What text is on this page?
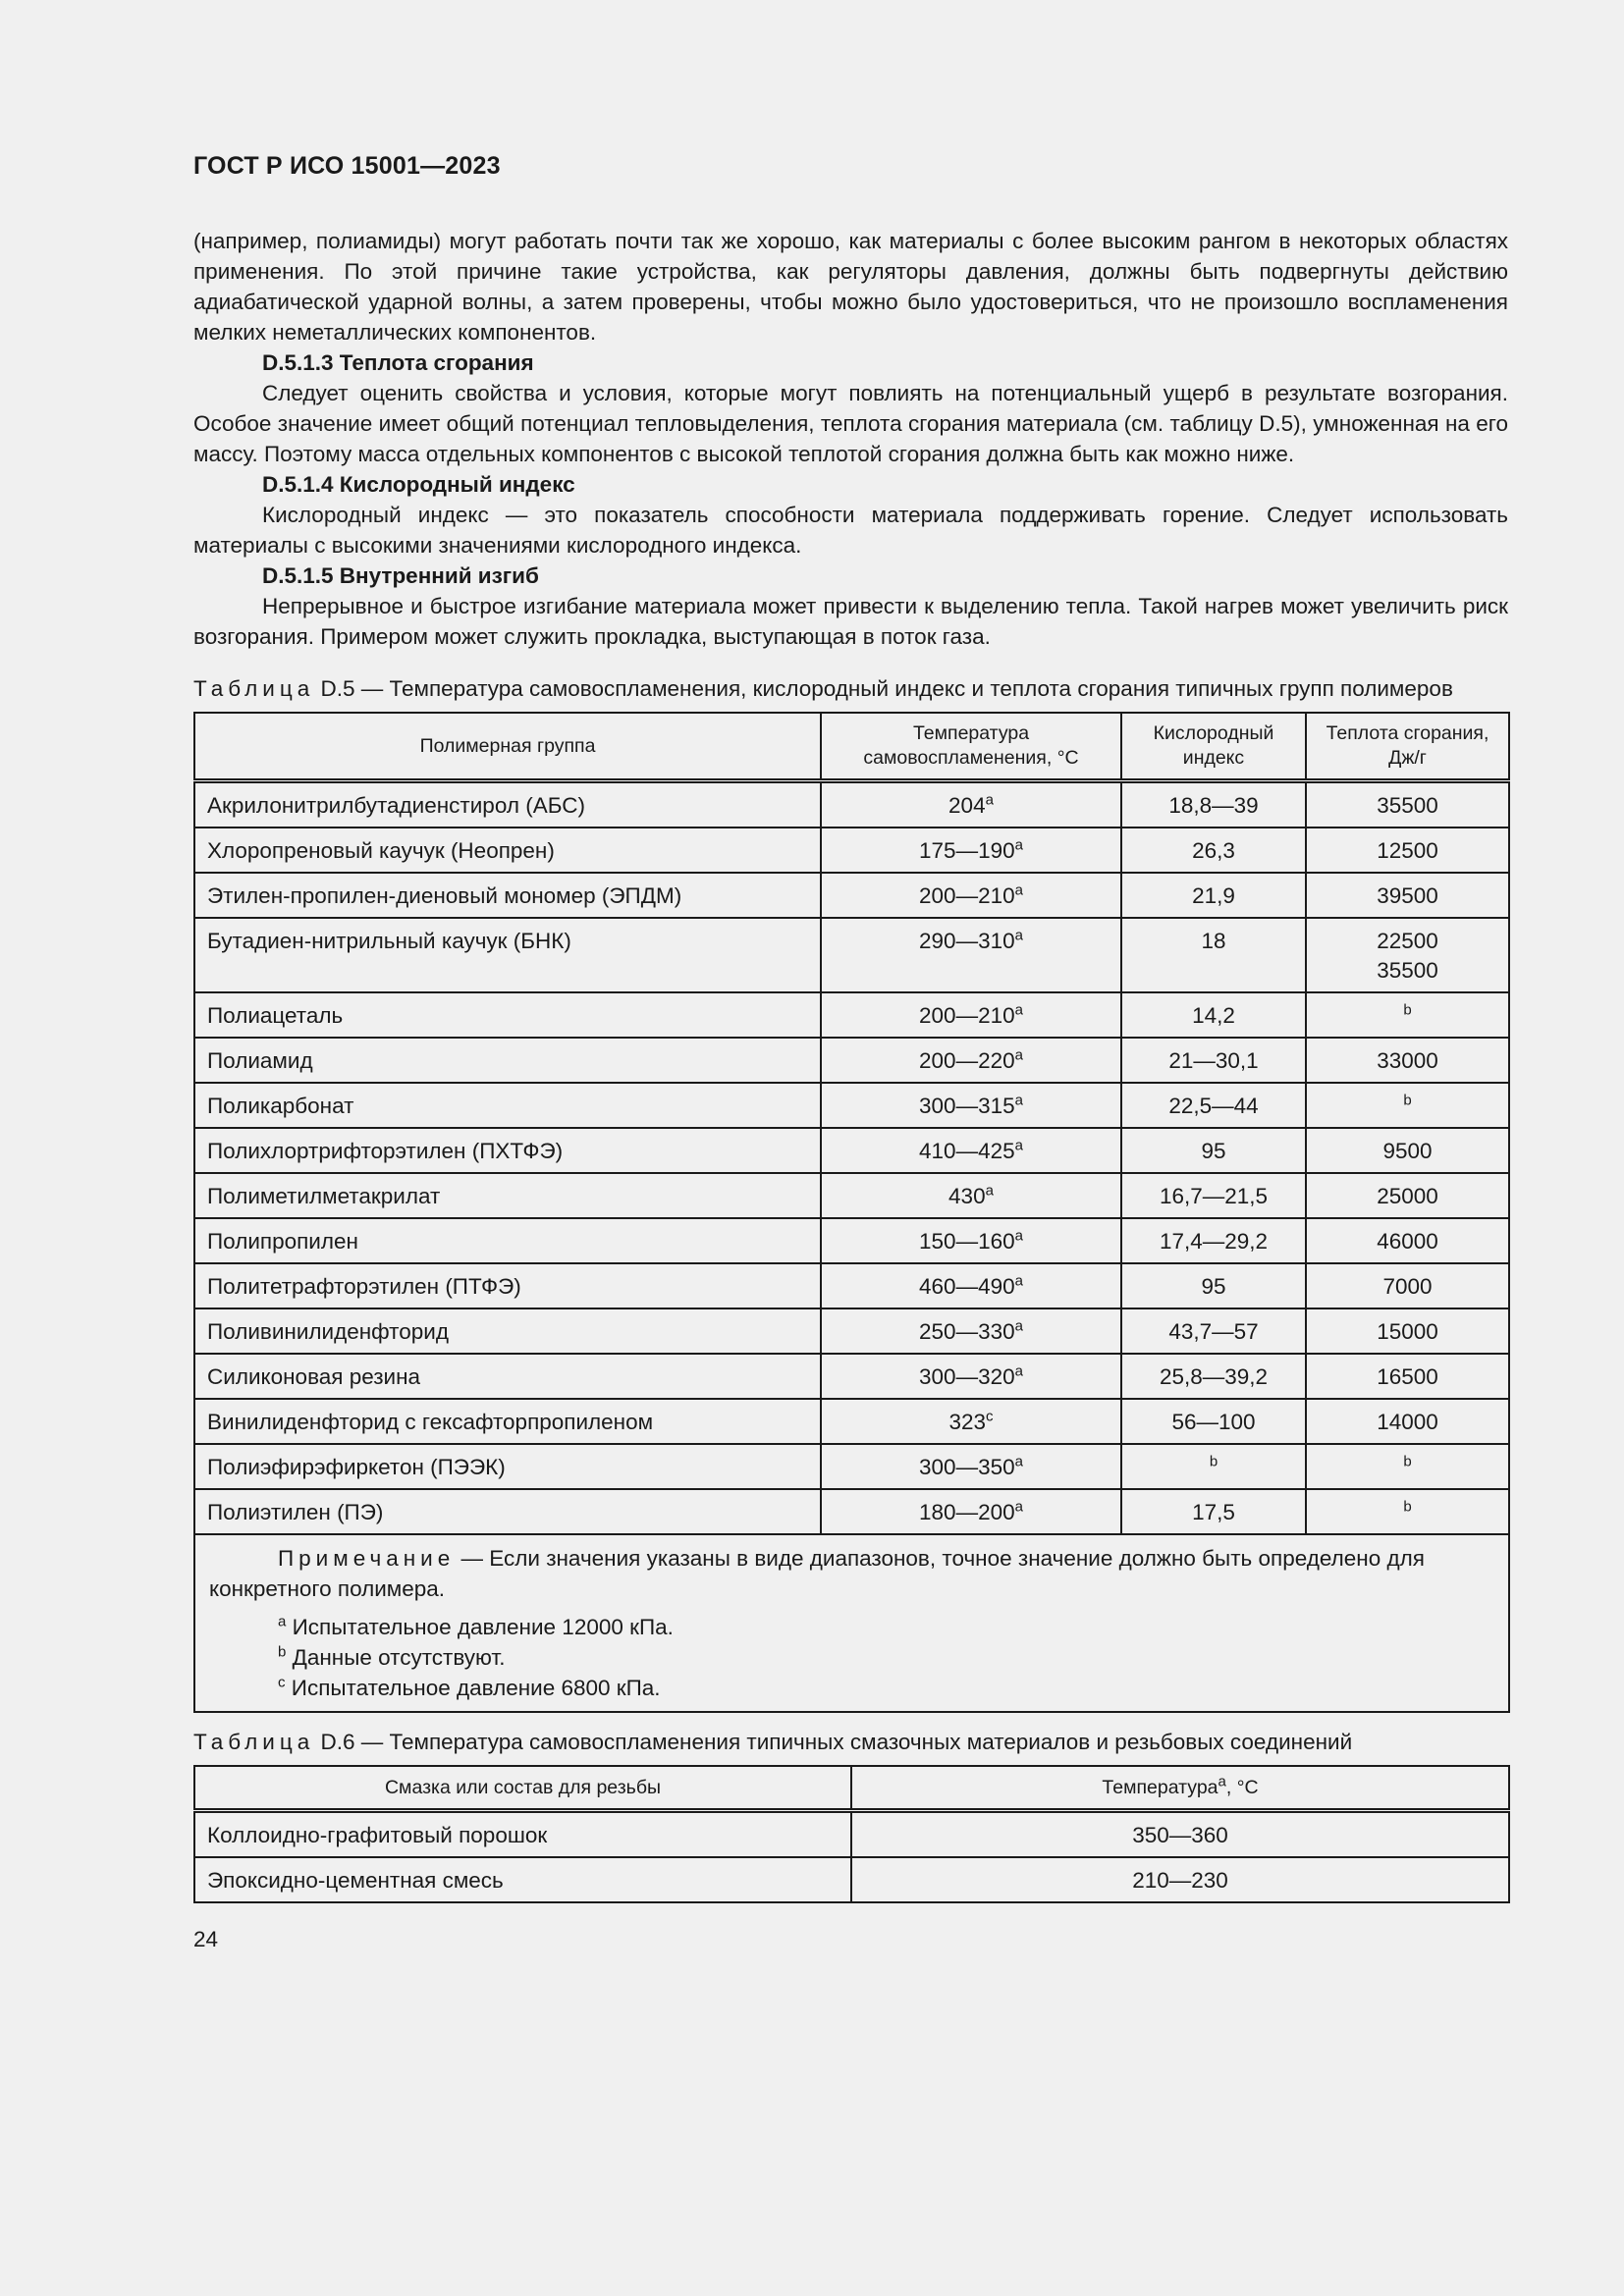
ГОСТ Р ИСО 15001—2023

(например, полиамиды) могут работать почти так же хорошо, как материалы с более высоким рангом в некоторых областях применения. По этой причине такие устройства, как регуляторы давления, должны быть подвергнуты действию адиабатической ударной волны, а затем проверены, чтобы можно было удостовериться, что не произошло воспламенения мелких неметаллических компонентов.

D.5.1.3 Теплота сгорания

Следует оценить свойства и условия, которые могут повлиять на потенциальный ущерб в результате возгорания. Особое значение имеет общий потенциал тепловыделения, теплота сгорания материала (см. таблицу D.5), умноженная на его массу. Поэтому масса отдельных компонентов с высокой теплотой сгорания должна быть как можно ниже.

D.5.1.4 Кислородный индекс

Кислородный индекс — это показатель способности материала поддерживать горение. Следует использовать материалы с высокими значениями кислородного индекса.

D.5.1.5 Внутренний изгиб

Непрерывное и быстрое изгибание материала может привести к выделению тепла. Такой нагрев может увеличить риск возгорания. Примером может служить прокладка, выступающая в поток газа.

Таблица D.5 — Температура самовоспламенения, кислородный индекс и теплота сгорания типичных групп полимеров
Полимерная группа	Температура самовоспламенения, °С	Кислородный индекс	Теплота сгорания, Дж/г
Акрилонитрилбутадиенстирол (АБС)	204$^a$	18,8—39	35500
Хлоропреновый каучук (Неопрен)	175—190$^a$	26,3	12500
Этилен-пропилен-диеновый мономер (ЭПДМ)	200—210$^a$	21,9	39500
Бутадиен-нитрильный каучук (БНК)	290—310$^a$	18	22500
35500
Полиацеталь	200—210$^a$	14,2	$^b$
Полиамид	200—220$^a$	21—30,1	33000
Поликарбонат	300—315$^a$	22,5—44	$^b$
Полихлортрифторэтилен (ПХТФЭ)	410—425$^a$	95	9500
Полиметилметакрилат	430$^a$	16,7—21,5	25000
Полипропилен	150—160$^a$	17,4—29,2	46000
Политетрафторэтилен (ПТФЭ)	460—490$^a$	95	7000
Поливинилиденфторид	250—330$^a$	43,7—57	15000
Силиконовая резина	300—320$^a$	25,8—39,2	16500
Винилиденфторид с гексафторпропиленом	323$^c$	56—100	14000
Полиэфирэфиркетон (ПЭЭК)	300—350$^a$	$^b$	$^b$
Полиэтилен (ПЭ)	180—200$^a$	17,5	$^b$

Примечание — Если значения указаны в виде диапазонов, точное значение должно быть определено для конкретного полимера.
$^a$ Испытательное давление 12000 кПа.
$^b$ Данные отсутствуют.
$^c$ Испытательное давление 6800 кПа.			
Таблица D.6 — Температура самовоспламенения типичных смазочных материалов и резьбовых соединений
Смазка или состав для резьбы	Температура$^a$, °С
Коллоидно-графитовый порошок	350—360
Эпоксидно-цементная смесь	210—230
24
